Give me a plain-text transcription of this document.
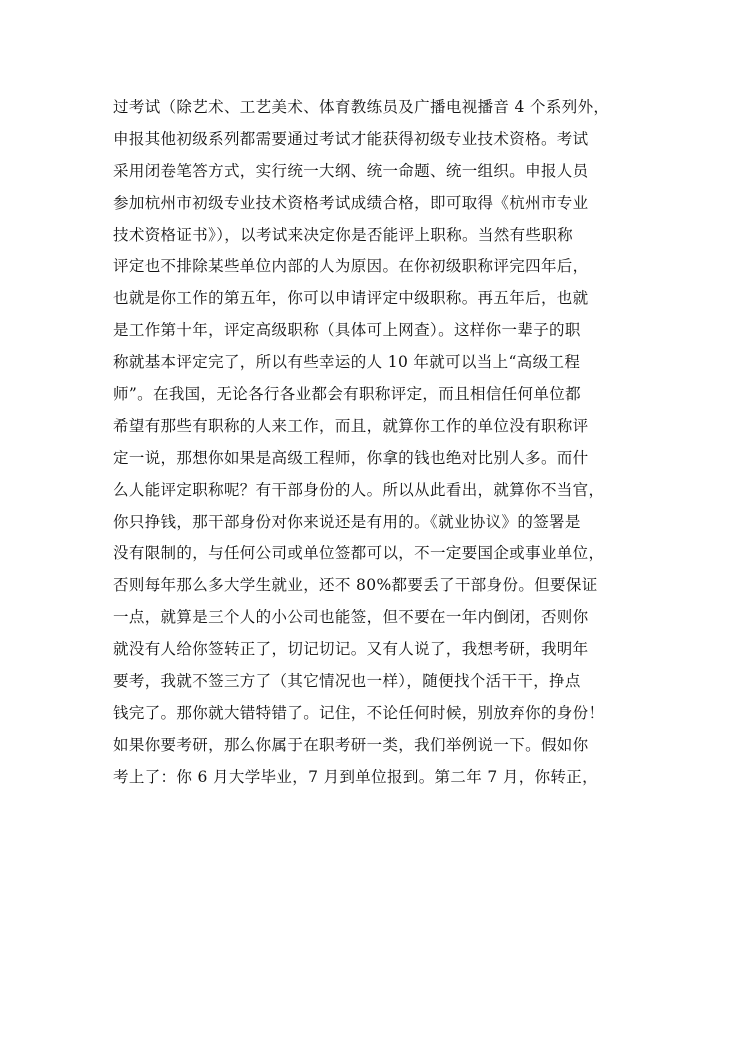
过考试（除艺术、工艺美术、体育教练员及广播电视播音 4 个系列外，
申报其他初级系列都需要通过考试才能获得初级专业技术资格。考试
采用闭卷笔答方式，实行统一大纲、统一命题、统一组织。申报人员
参加杭州市初级专业技术资格考试成绩合格，即可取得《杭州市专业
技术资格证书》），以考试来决定你是否能评上职称。当然有些职称
评定也不排除某些单位内部的人为原因。在你初级职称评完四年后，
也就是你工作的第五年，你可以申请评定中级职称。再五年后，也就
是工作第十年，评定高级职称（具体可上网查）。这样你一辈子的职
称就基本评定完了，所以有些幸运的人 10 年就可以当上“高级工程
师”。在我国，无论各行各业都会有职称评定，而且相信任何单位都
希望有那些有职称的人来工作，而且，就算你工作的单位没有职称评
定一说，那想你如果是高级工程师，你拿的钱也绝对比别人多。而什
么人能评定职称呢？有干部身份的人。所以从此看出，就算你不当官，
你只挣钱，那干部身份对你来说还是有用的。《就业协议》的签署是
没有限制的，与任何公司或单位签都可以，不一定要国企或事业单位，
否则每年那么多大学生就业，还不 80%都要丢了干部身份。但要保证
一点，就算是三个人的小公司也能签，但不要在一年内倒闭，否则你
就没有人给你签转正了，切记切记。又有人说了，我想考研，我明年
要考，我就不签三方了（其它情况也一样），随便找个活干干，挣点
钱完了。那你就大错特错了。记住，不论任何时候，别放弃你的身份！
如果你要考研，那么你属于在职考研一类，我们举例说一下。假如你
考上了：你 6 月大学毕业，7 月到单位报到。第二年 7 月，你转正，
